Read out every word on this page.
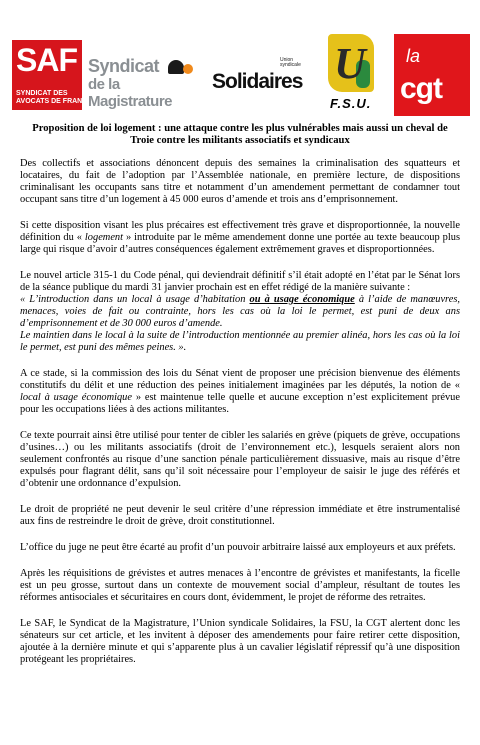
SAF
SYNDICAT DES
AVOCATS DE FRANCE
Syndicat
de la Magistrature
Union syndicale
Solidaires U
F.S.U.
la
cgt
Proposition de loi logement : une attaque contre les plus vulnérables mais aussi un cheval de Troie contre les militants associatifs et syndicaux

Des collectifs et associations dénoncent depuis des semaines la criminalisation des squatteurs et locataires, du fait de l’adoption par l’Assemblée nationale, en première lecture, de dispositions criminalisant les occupants sans titre et notamment d’un amendement permettant de condamner tout occupant sans titre d’un logement à 45 000 euros d’amende et trois ans d’emprisonnement.

Si cette disposition visant les plus précaires est effectivement très grave et disproportionnée, la nouvelle définition du « logement » introduite par le même amendement donne une portée au texte beaucoup plus large qui risque d’avoir d’autres conséquences également extrêmement graves et disproportionnées.

Le nouvel article 315-1 du Code pénal, qui deviendrait définitif s’il était adopté en l’état par le Sénat lors de la séance publique du mardi 31 janvier prochain est en effet rédigé de la manière suivante :
« L’introduction dans un local à usage d’habitation ou à usage économique à l’aide de manœuvres, menaces, voies de fait ou contrainte, hors les cas où la loi le permet, est puni de deux ans d’emprisonnement et de 30 000 euros d’amende.
Le maintien dans le local à la suite de l’introduction mentionnée au premier alinéa, hors les cas où la loi le permet, est puni des mêmes peines. ».

A ce stade, si la commission des lois du Sénat vient de proposer une précision bienvenue des éléments constitutifs du délit et une réduction des peines initialement imaginées par les députés, la notion de « local à usage économique » est maintenue telle quelle et aucune exception n’est explicitement prévue pour les occupations liées à des actions militantes.

Ce texte pourrait ainsi être utilisé pour tenter de cibler les salariés en grève (piquets de grève, occupations d’usines…) ou les militants associatifs (droit de l’environnement etc.), lesquels seraient alors non seulement confrontés au risque d’une sanction pénale particulièrement dissuasive, mais au risque d’être expulsés pour flagrant délit, sans qu’il soit nécessaire pour l’employeur de saisir le juge des référés et d’obtenir une ordonnance d’expulsion.

Le droit de propriété ne peut devenir le seul critère d’une répression immédiate et être instrumentalisé aux fins de restreindre le droit de grève, droit constitutionnel.

L’office du juge ne peut être écarté au profit d’un pouvoir arbitraire laissé aux employeurs et aux préfets.

Après les réquisitions de grévistes et autres menaces à l’encontre de grévistes et manifestants, la ficelle est un peu grosse, surtout dans un contexte de mouvement social d’ampleur, résultant de toutes les réformes antisociales et sécuritaires en cours dont, évidemment, le projet de réforme des retraites.

Le SAF, le Syndicat de la Magistrature, l’Union syndicale Solidaires, la FSU, la CGT alertent donc les sénateurs sur cet article, et les invitent à déposer des amendements pour faire retirer cette disposition, ajoutée à la dernière minute et qui s’apparente plus à un cavalier législatif répressif qu’à une disposition protégeant les propriétaires.
